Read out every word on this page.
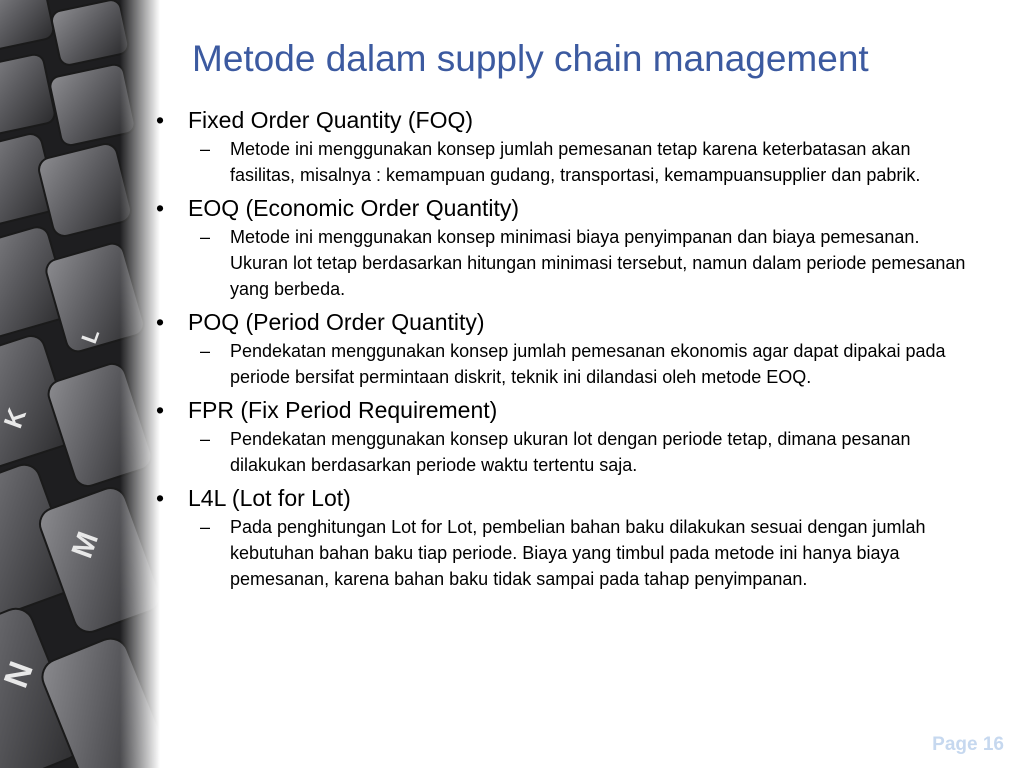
Metode dalam supply chain management
• Fixed Order Quantity (FOQ)
– Metode ini menggunakan konsep jumlah pemesanan tetap karena keterbatasan akan fasilitas, misalnya : kemampuan gudang, transportasi, kemampuansupplier dan pabrik.
• EOQ (Economic Order Quantity)
– Metode ini menggunakan konsep minimasi biaya penyimpanan dan biaya pemesanan. Ukuran lot tetap berdasarkan hitungan minimasi tersebut, namun dalam periode pemesanan yang berbeda.
• POQ (Period Order Quantity)
– Pendekatan menggunakan konsep jumlah pemesanan ekonomis agar dapat dipakai pada periode bersifat permintaan diskrit, teknik ini dilandasi oleh metode EOQ.
• FPR (Fix Period Requirement)
– Pendekatan menggunakan konsep ukuran lot dengan periode tetap, dimana pesanan dilakukan berdasarkan periode waktu tertentu saja.
• L4L (Lot for Lot)
– Pada penghitungan Lot for Lot, pembelian bahan baku dilakukan sesuai dengan jumlah kebutuhan bahan baku tiap periode. Biaya yang timbul pada metode ini hanya biaya pemesanan, karena bahan baku tidak sampai pada tahap penyimpanan.
Page 16
